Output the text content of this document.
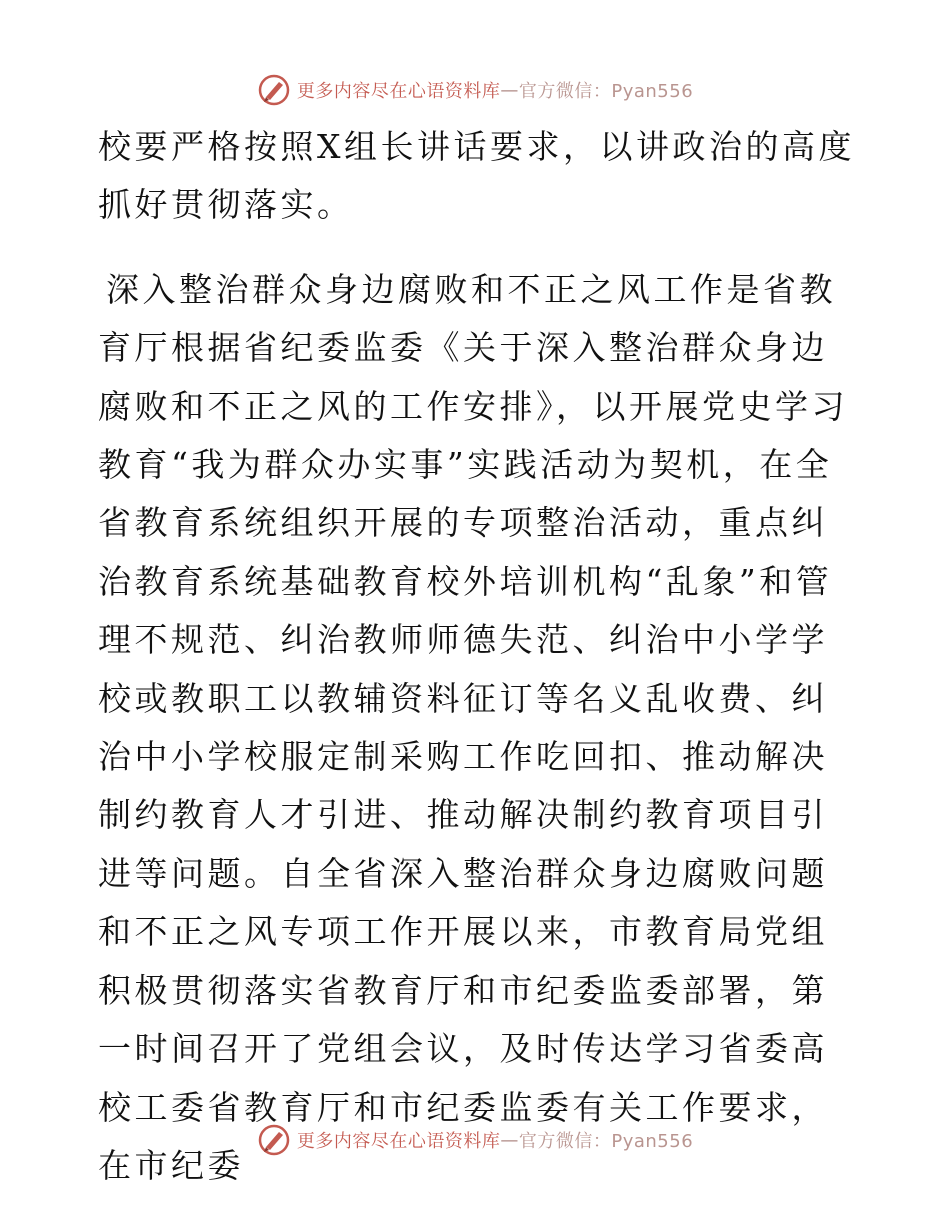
更多内容尽在心语资料库 — 官方微信：Pyan556

校要严格按照X组长讲话要求，以讲政治的高度抓好贯彻落实。

深入整治群众身边腐败和不正之风工作是省教育厅根据省纪委监委《关于深入整治群众身边腐败和不正之风的工作安排》，以开展党史学习教育“我为群众办实事”实践活动为契机，在全省教育系统组织开展的专项整治活动，重点纠治教育系统基础教育校外培训机构“乱象”和管理不规范、纠治教师师德失范、纠治中小学学校或教职工以教辅资料征订等名义乱收费、纠治中小学校服定制采购工作吃回扣、推动解决制约教育人才引进、推动解决制约教育项目引进等问题。自全省深入整治群众身边腐败问题和不正之风专项工作开展以来，市教育局党组积极贯彻落实省教育厅和市纪委监委部署，第一时间召开了党组会议，及时传达学习省委高校工委省教育厅和市纪委监委有关工作要求，在市纪委

更多内容尽在心语资料库 — 官方微信：Pyan556
